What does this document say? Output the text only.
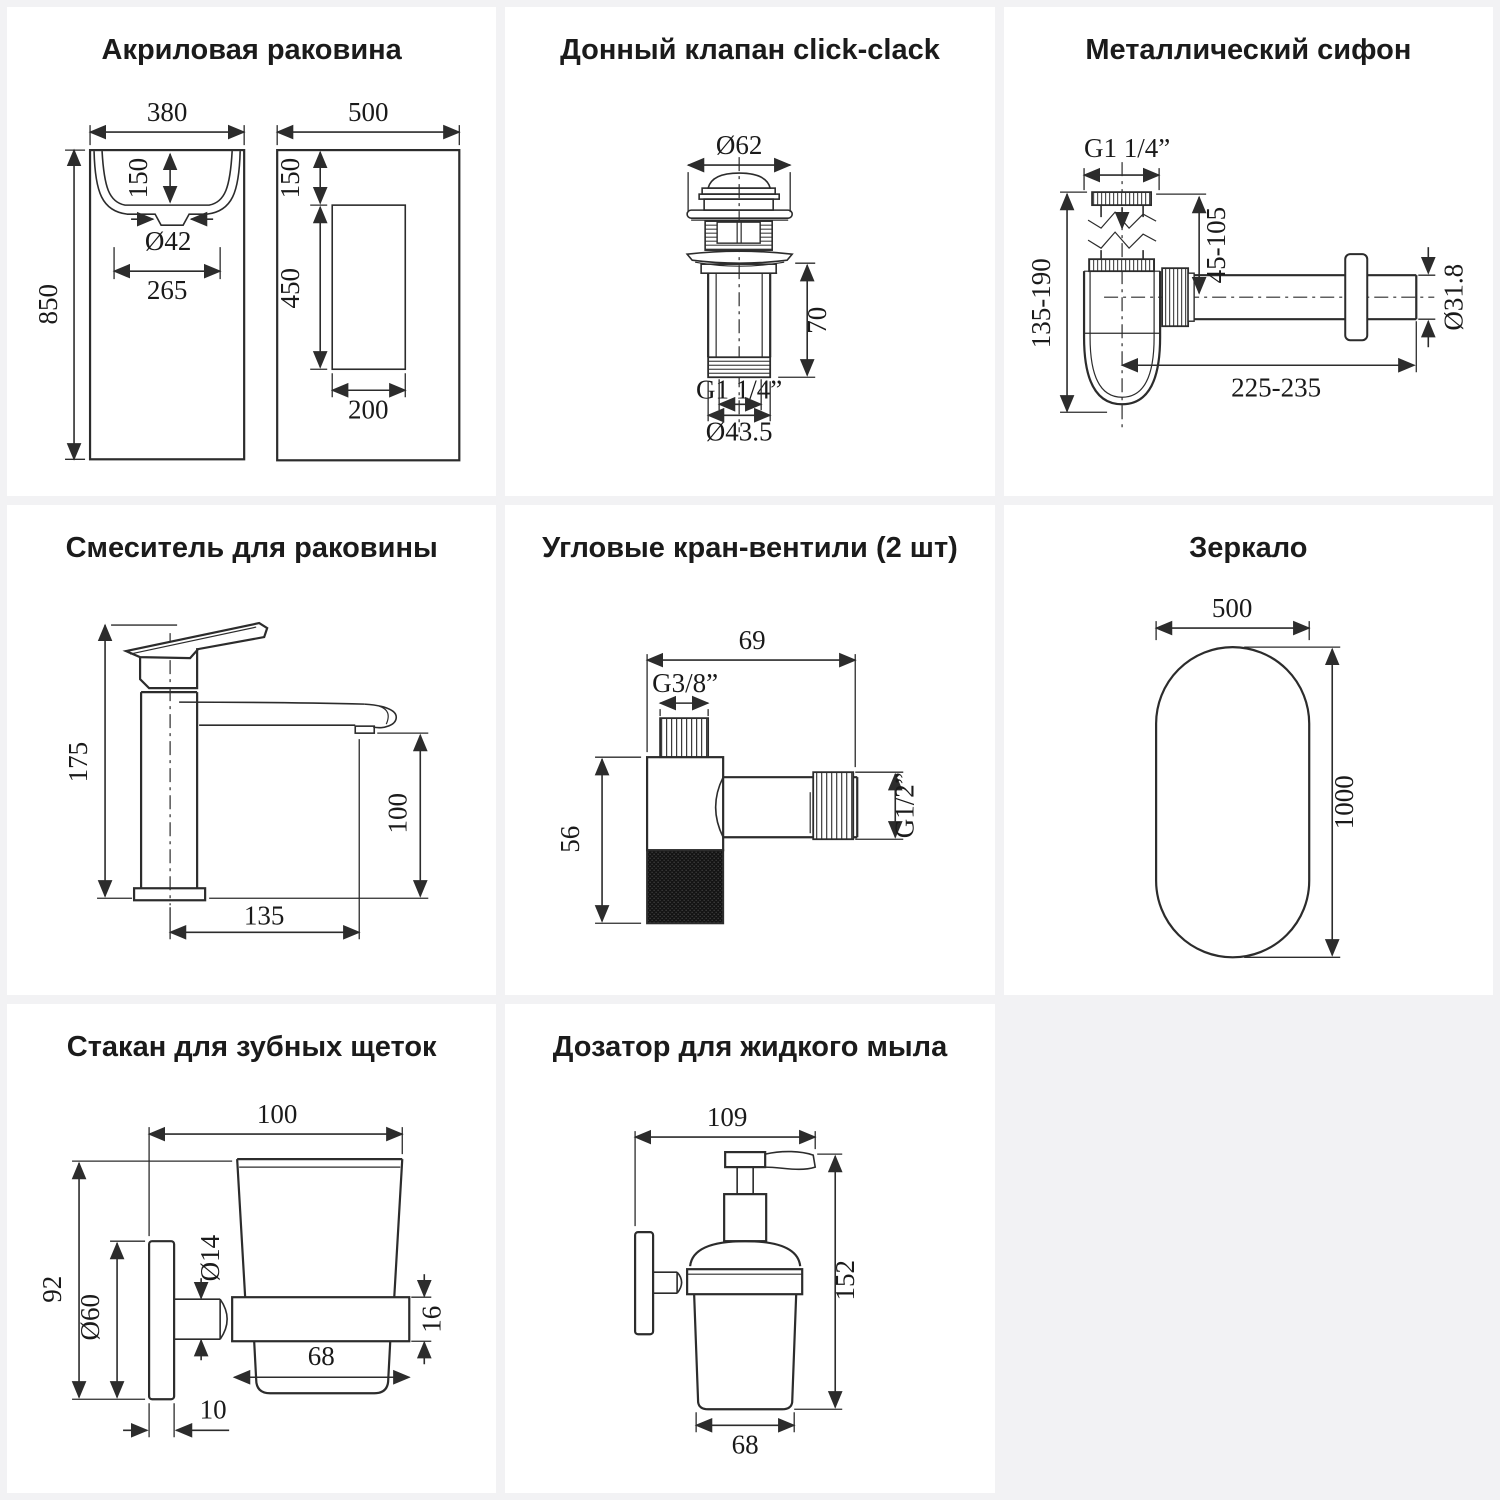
Акриловая раковина
380
850
150
Ø42
265
500
150
450
200
Донный клапан click-clack
Ø62
70
G1 1/4”
Ø43.5
Металлический сифон
G1 1/4”
45-105
135-190	Ø31.8
225-235
Смеситель для раковины
175
100
135
Угловые кран-вентили (2 шт)
69
G3/8”
56
G1/2”
Зеркало
500
1000
Стакан для зубных щеток
100
92
Ø60
Ø14
16
68
10
Дозатор для жидкого мыла
109
152
68
